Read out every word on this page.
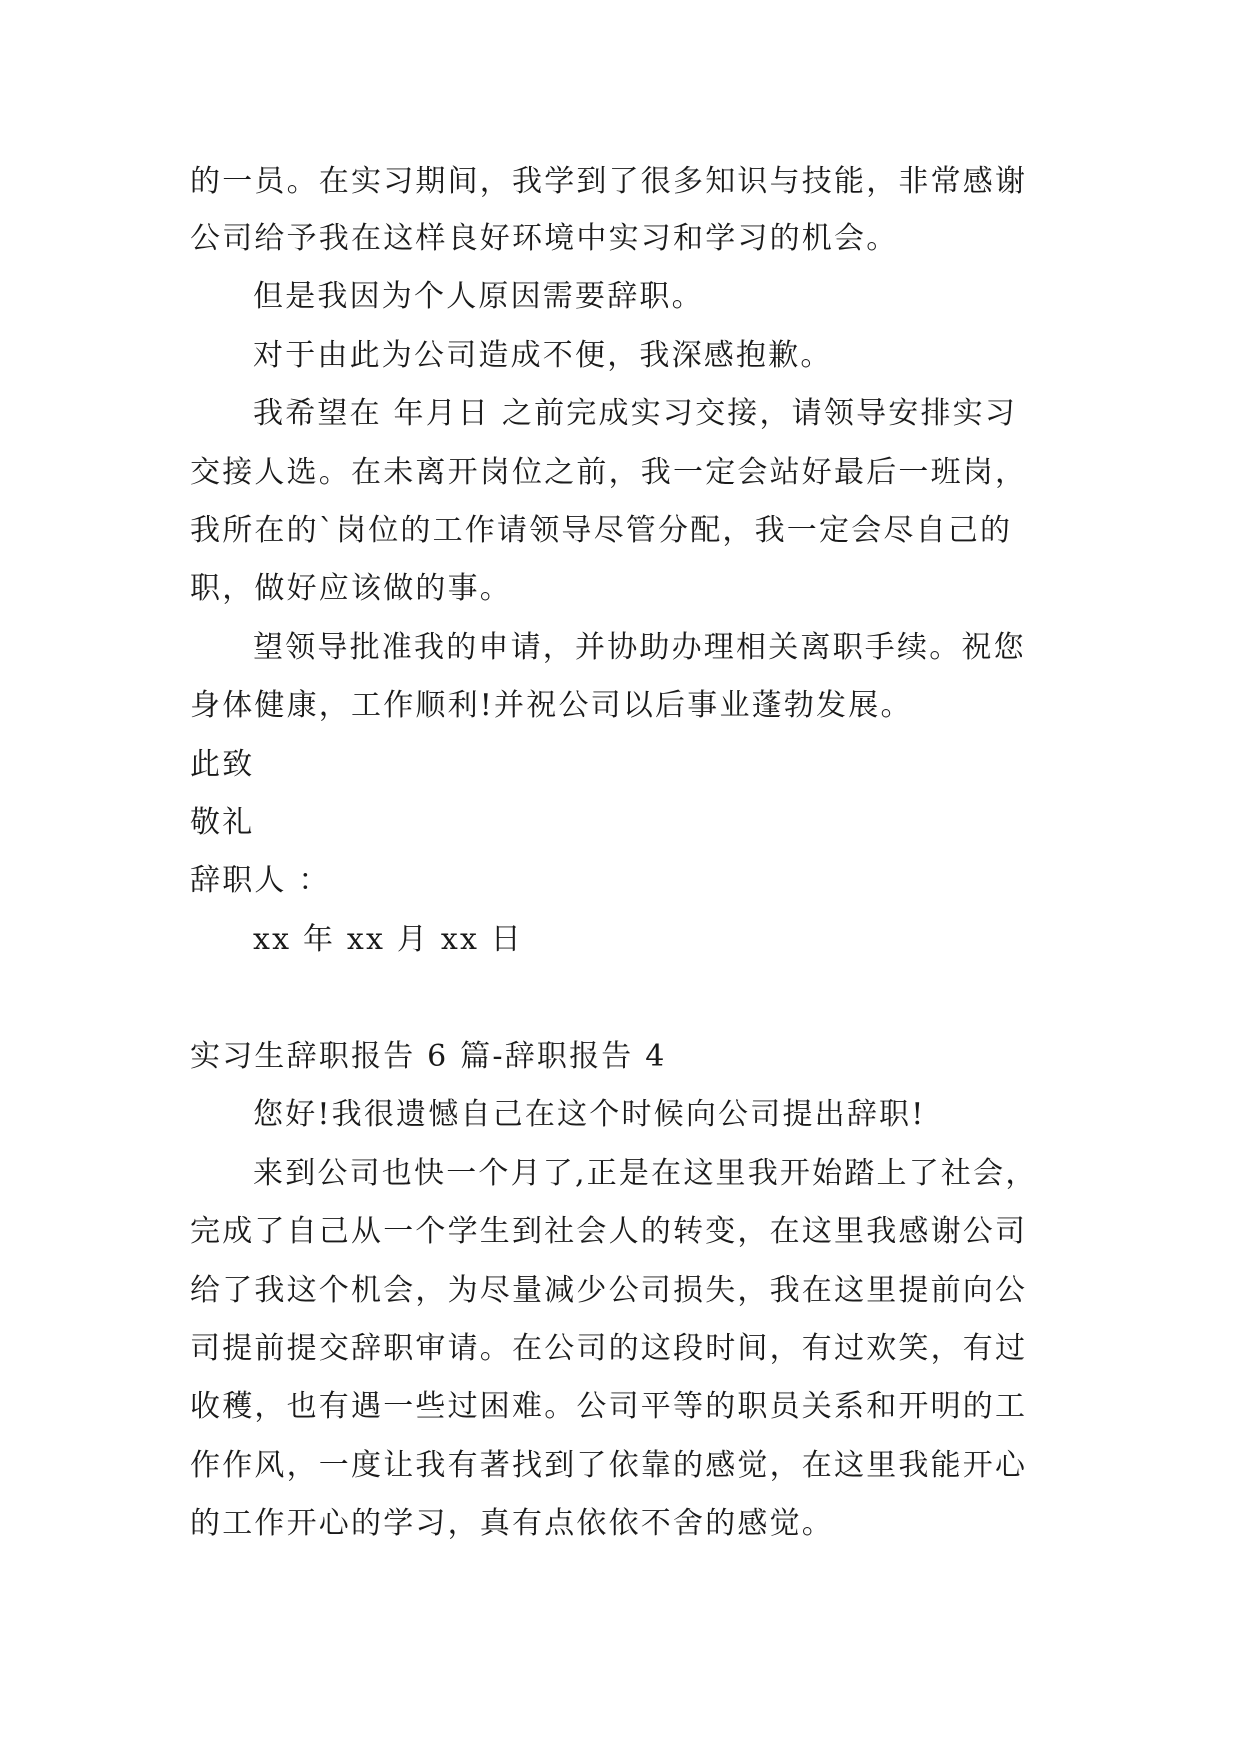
的一员。在实习期间，我学到了很多知识与技能，非常感谢
公司给予我在这样良好环境中实习和学习的机会。
但是我因为个人原因需要辞职。
对于由此为公司造成不便，我深感抱歉。
我希望在 年月日 之前完成实习交接，请领导安排实习
交接人选。在未离开岗位之前，我一定会站好最后一班岗，
我所在的`岗位的工作请领导尽管分配，我一定会尽自己的
职，做好应该做的事。
望领导批准我的申请，并协助办理相关离职手续。祝您
身体健康，工作顺利!并祝公司以后事业蓬勃发展。
此致
敬礼
辞职人 ：
xx 年 xx 月 xx 日
实习生辞职报告 6 篇-辞职报告 4
您好!我很遗憾自己在这个时候向公司提出辞职!
来到公司也快一个月了,正是在这里我开始踏上了社会，
完成了自己从一个学生到社会人的转变，在这里我感谢公司
给了我这个机会，为尽量减少公司损失，我在这里提前向公
司提前提交辞职审请。在公司的这段时间，有过欢笑，有过
收穫，也有遇一些过困难。公司平等的职员关系和开明的工
作作风，一度让我有著找到了依靠的感觉，在这里我能开心
的工作开心的学习，真有点依依不舍的感觉。
